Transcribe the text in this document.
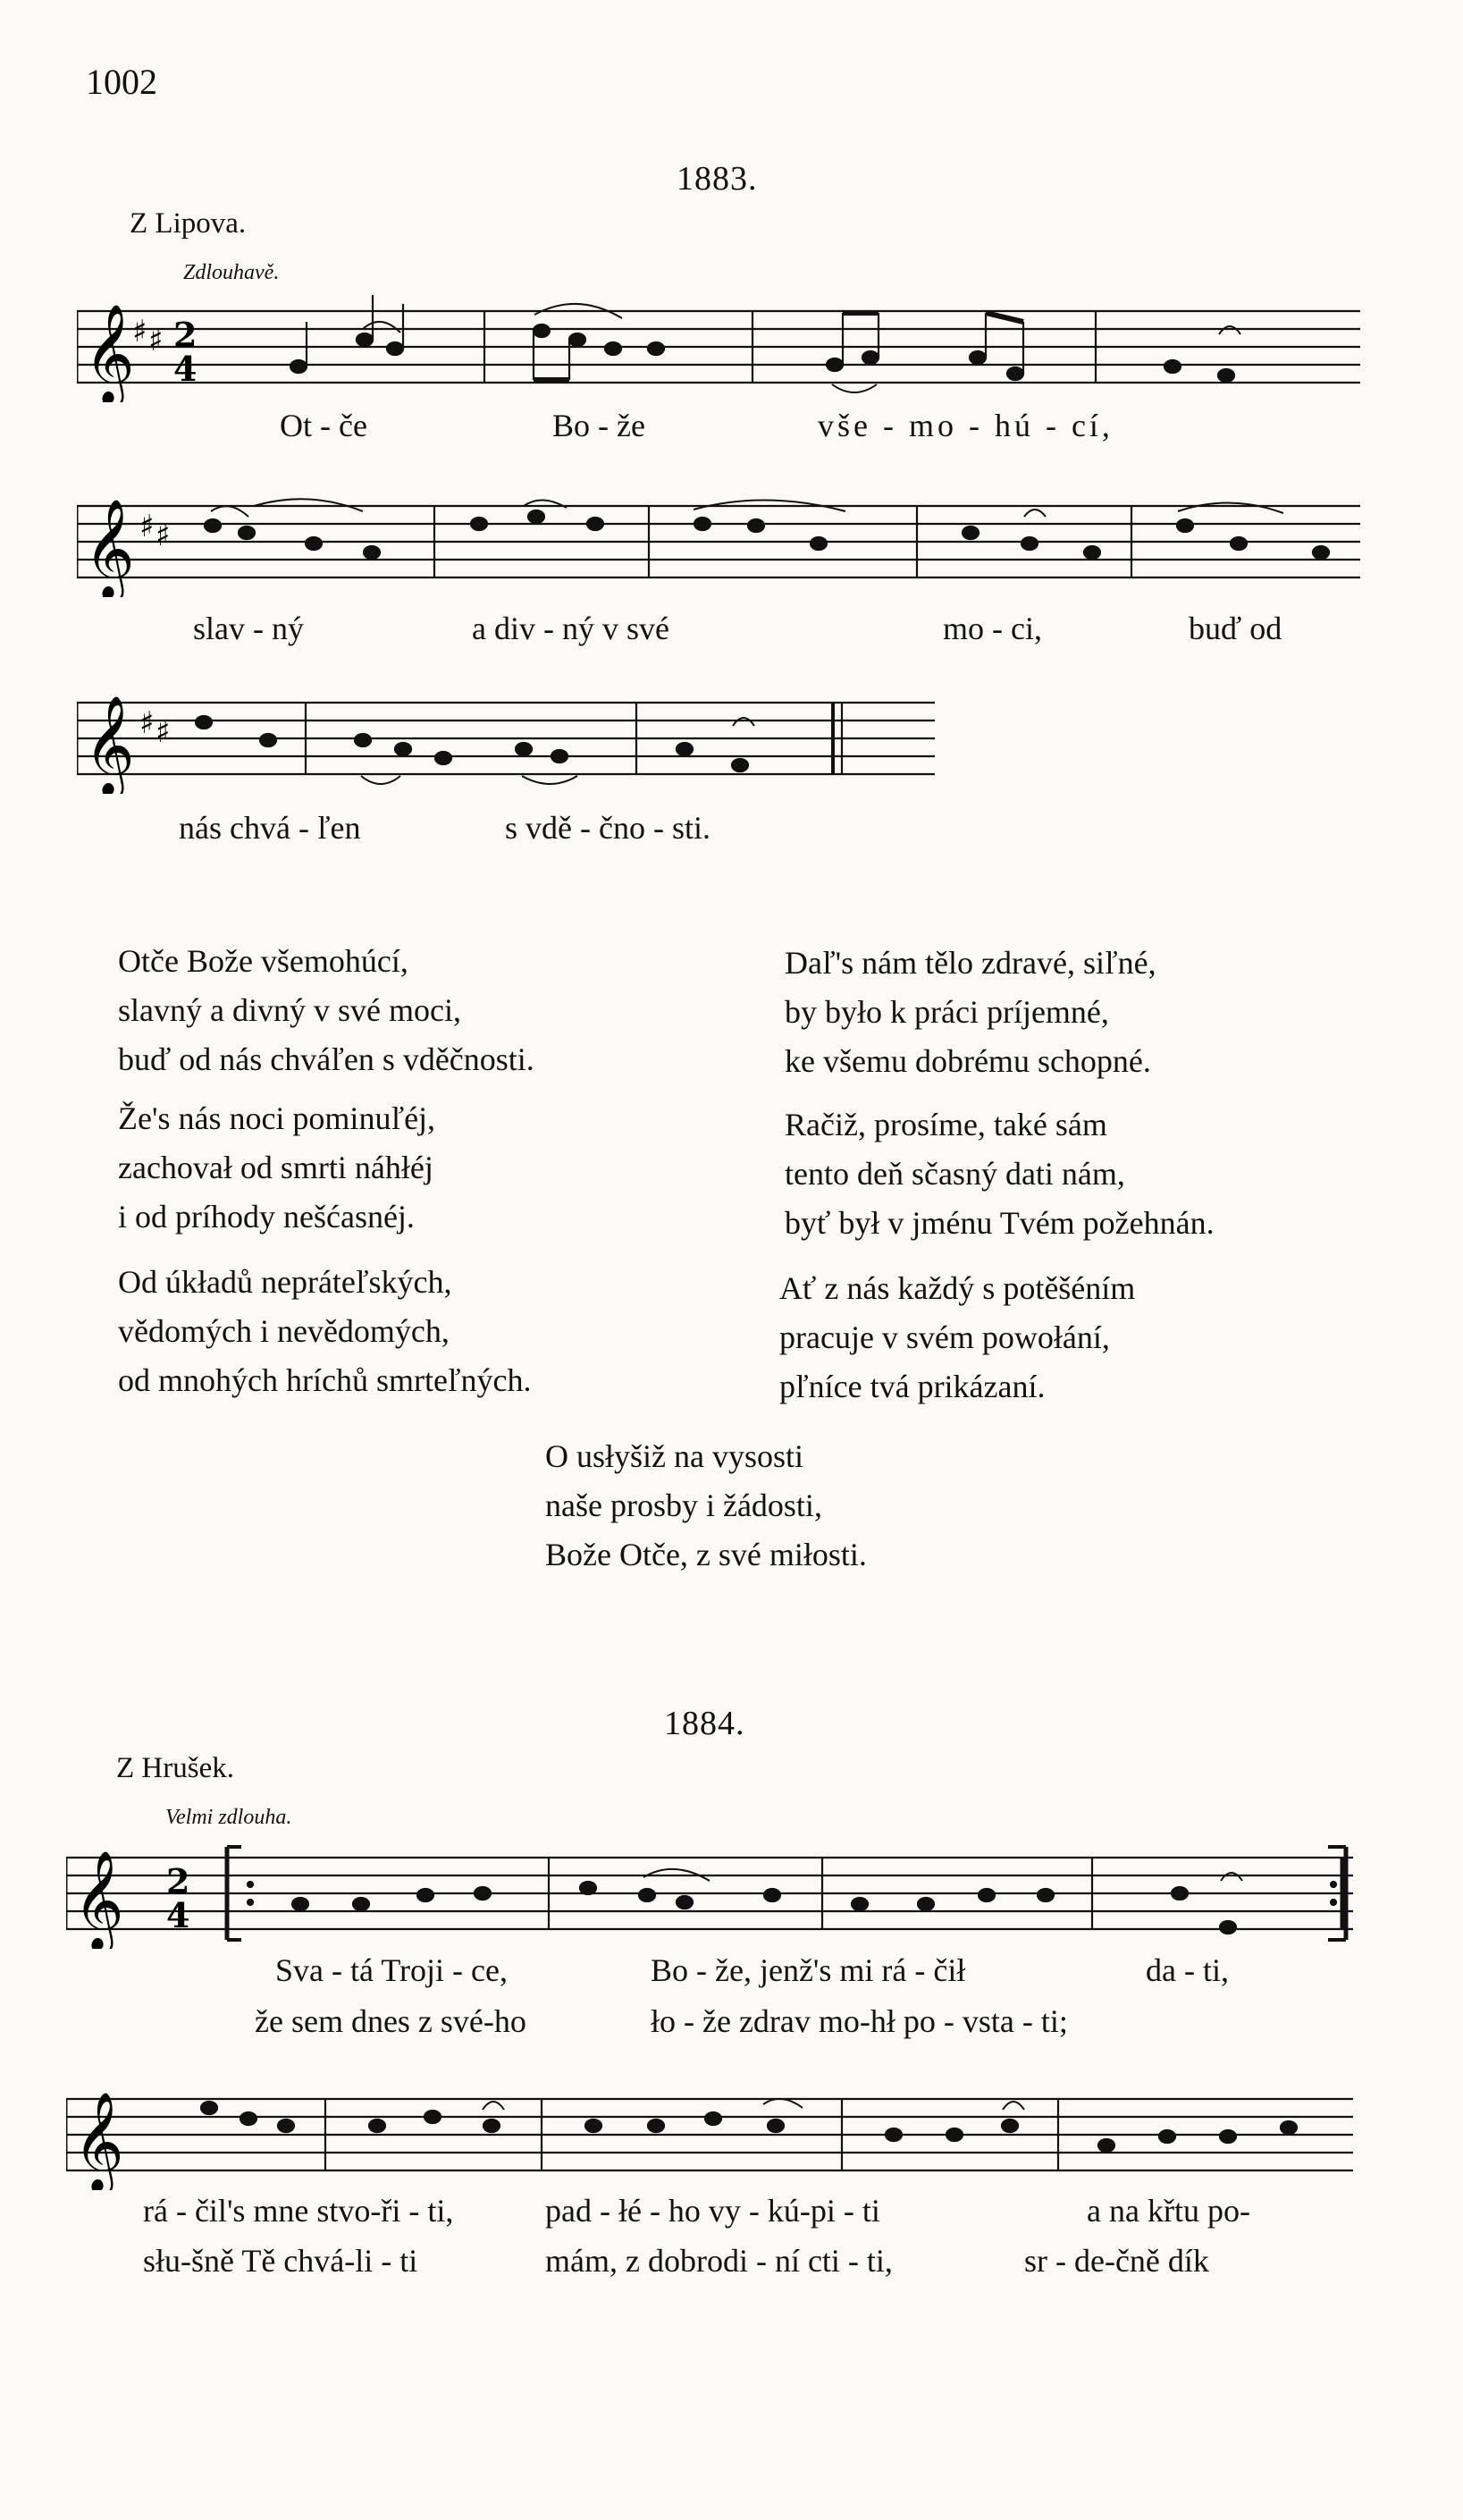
1002
1883.
Z Lipova.
Zdlouhavě.
𝄞
♯ ♯ 2
4
Ot - če	Bo - že	vše - mo - hú - cí,
𝄞 ♯ ♯
slav - ný	a div - ný v své	mo - ci,	buď od
𝄞 ♯ ♯
nás chvá - ľen	s vdě - čno - sti.
Otče Bože všemohúcí,
slavný a divný v své moci,
buď od nás chváľen s vděčnosti.
Že's nás noci pominuľéj,
zachovał od smrti náhłéj
i od príhody nešćasnéj.
Od úkładů nepráteľských,
vědomých i nevědomých,
od mnohých hríchů smrteľných.
Daľ's nám tělo zdravé, siľné,
by było k práci príjemné,
ke všemu dobrému schopné.
Račiž, prosíme, také sám
tento deň sčasný dati nám,
byť był v jménu Tvém požehnán.
Ať z nás každý s potěšéním
pracuje v svém powołání,
pľníce tvá prikázaní.
O usłyšiž na vysosti
naše prosby i žádosti,
Bože Otče, z své miłosti.
1884.
Z Hrušek.
Velmi zdlouha.
𝄞 2
4
Sva - tá Troji - ce,	Bo - že, jenž's mi rá - čił	da - ti,
že sem dnes z své-ho	ło - že zdrav mo-hł po - vsta - ti;
𝄞
rá - čil's mne stvo-ři - ti,	pad - łé - ho vy - kú-pi - ti	a na křtu po-
słu-šně Tě chvá-li - ti	mám, z dobrodi - ní cti - ti,	sr - de-čně dík
